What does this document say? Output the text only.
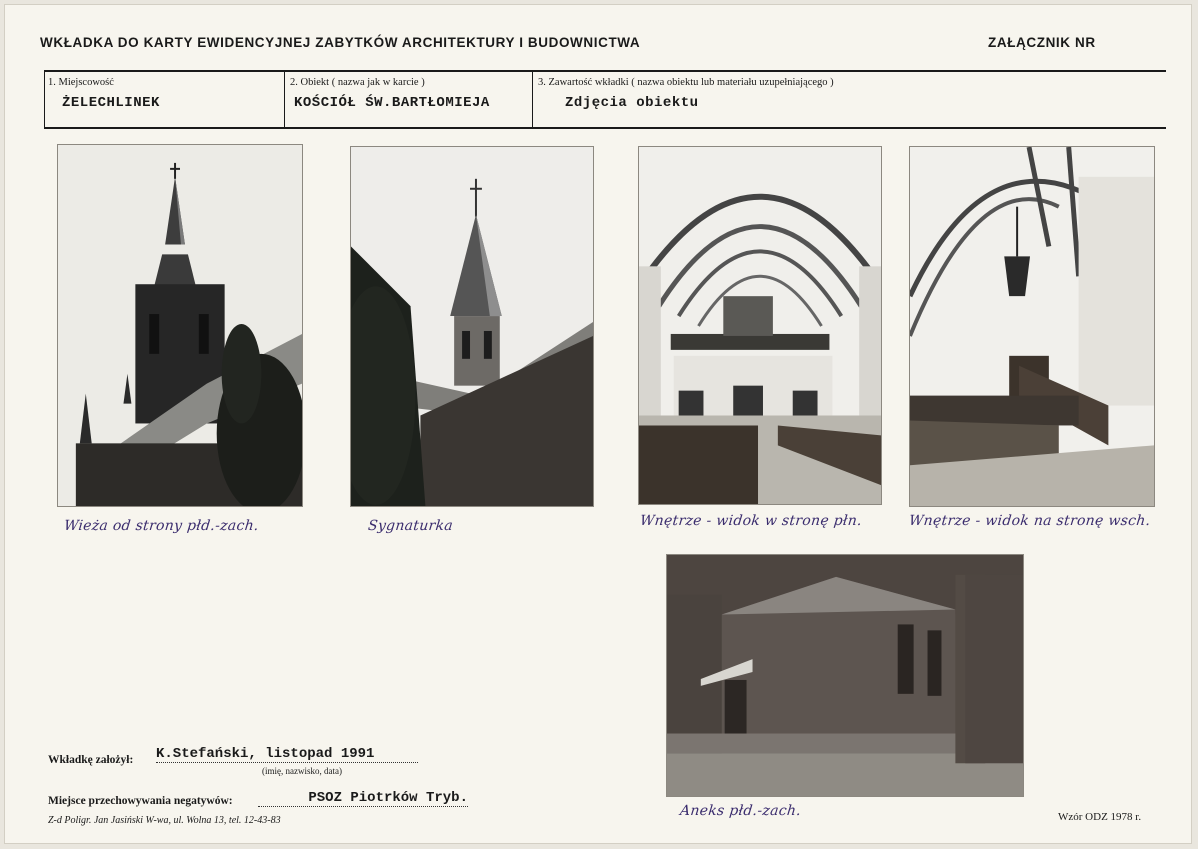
WKŁADKA DO KARTY EWIDENCYJNEJ ZABYTKÓW ARCHITEKTURY I BUDOWNICTWA	ZAŁĄCZNIK NR
1. Miejscowość
ŻELECHLINEK
2. Obiekt ( nazwa jak w karcie )
KOŚCIÓŁ ŚW.BARTŁOMIEJA
3. Zawartość wkładki ( nazwa obiektu lub materiału uzupełniającego )
Zdjęcia obiektu
Wieża od strony płd.-zach.	Sygnaturka	Wnętrze - widok w stronę płn.	Wnętrze - widok na stronę wsch.
Aneks płd.-zach.
Wkładkę założył: K.Stefański, listopad 1991
(imię, nazwisko, data)
Miejsce przechowywania negatywów:	PSOZ Piotrków Tryb.
Z-d Poligr. Jan Jasiński W-wa, ul. Wolna 13, tel. 12-43-83	Wzór ODZ 1978 r.
